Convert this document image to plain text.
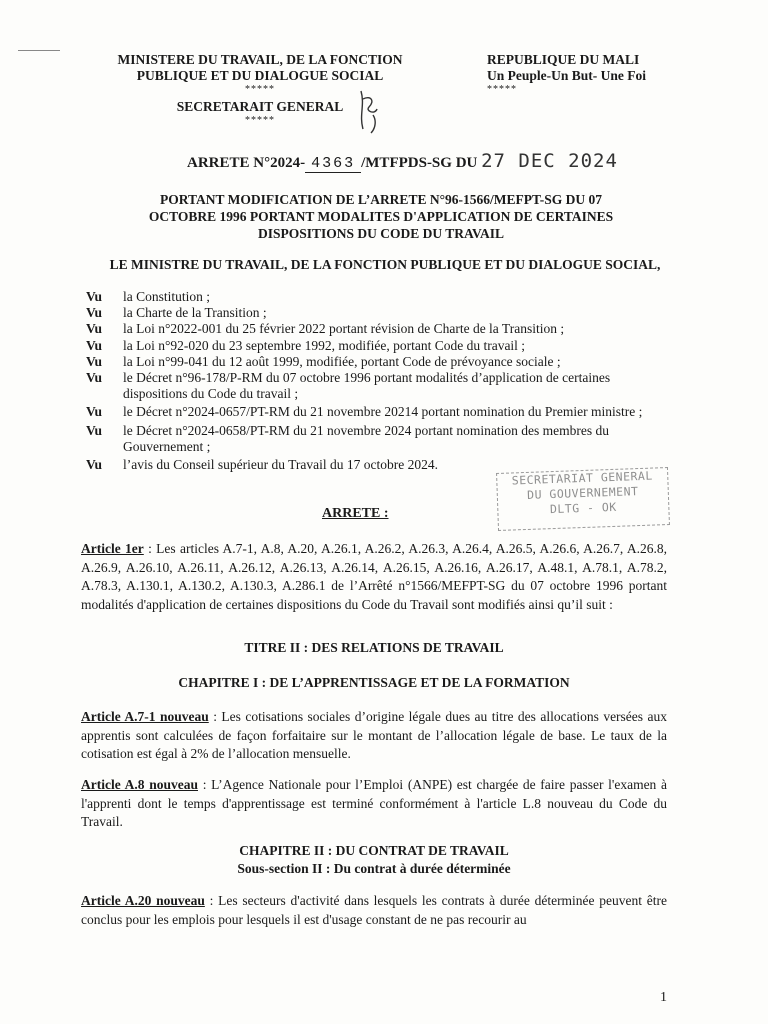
MINISTERE DU TRAVAIL, DE LA FONCTION
PUBLIQUE ET DU DIALOGUE SOCIAL
*****
SECRETARAIT GENERAL
*****
REPUBLIQUE DU MALI
Un Peuple-Un But- Une Foi
*****
ARRETE N°2024- 4363 /MTFPDS-SG DU 27 DEC 2024
PORTANT MODIFICATION DE L’ARRETE N°96-1566/MEFPT-SG DU 07
OCTOBRE 1996 PORTANT MODALITES D'APPLICATION DE CERTAINES
DISPOSITIONS DU CODE DU TRAVAIL
LE MINISTRE DU TRAVAIL, DE LA FONCTION PUBLIQUE ET DU DIALOGUE SOCIAL,
Vu	la Constitution ;
Vu	la Charte de la Transition ;
Vu	la Loi n°2022-001 du 25 février 2022 portant révision de Charte de la Transition ;
Vu	la Loi n°92-020 du 23 septembre 1992, modifiée, portant Code du travail ;
Vu	la Loi n°99-041 du 12 août 1999, modifiée, portant Code de prévoyance sociale ;
Vu	le Décret n°96-178/P-RM du 07 octobre 1996 portant modalités d’application de certaines dispositions du Code du travail ;
Vu	le Décret n°2024-0657/PT-RM du 21 novembre 20214 portant nomination du Premier ministre ;
Vu	le Décret n°2024-0658/PT-RM du 21 novembre 2024 portant nomination des membres du Gouvernement ;
Vu	l’avis du Conseil supérieur du Travail du 17 octobre 2024.
SECRETARIAT GENERAL
DU GOUVERNEMENT
DLTG - OK
ARRETE :
Article 1er : Les articles A.7-1, A.8, A.20, A.26.1, A.26.2, A.26.3, A.26.4, A.26.5, A.26.6, A.26.7, A.26.8, A.26.9, A.26.10, A.26.11, A.26.12, A.26.13, A.26.14, A.26.15, A.26.16, A.26.17, A.48.1, A.78.1, A.78.2, A.78.3, A.130.1, A.130.2, A.130.3, A.286.1 de l’Arrêté n°1566/MEFPT-SG du 07 octobre 1996 portant modalités d'application de certaines dispositions du Code du Travail sont modifiés ainsi qu’il suit :
TITRE II : DES RELATIONS DE TRAVAIL
CHAPITRE I : DE L’APPRENTISSAGE ET DE LA FORMATION
Article A.7-1 nouveau : Les cotisations sociales d’origine légale dues au titre des allocations versées aux apprentis sont calculées de façon forfaitaire sur le montant de l’allocation légale de base. Le taux de la cotisation est égal à 2% de l’allocation mensuelle.
Article A.8 nouveau : L’Agence Nationale pour l’Emploi (ANPE) est chargée de faire passer l'examen à l'apprenti dont le temps d'apprentissage est terminé conformément à l'article L.8 nouveau du Code du Travail.
CHAPITRE II : DU CONTRAT DE TRAVAIL
Sous-section II : Du contrat à durée déterminée
Article A.20 nouveau : Les secteurs d'activité dans lesquels les contrats à durée déterminée peuvent être conclus pour les emplois pour lesquels il est d'usage constant de ne pas recourir au
1
